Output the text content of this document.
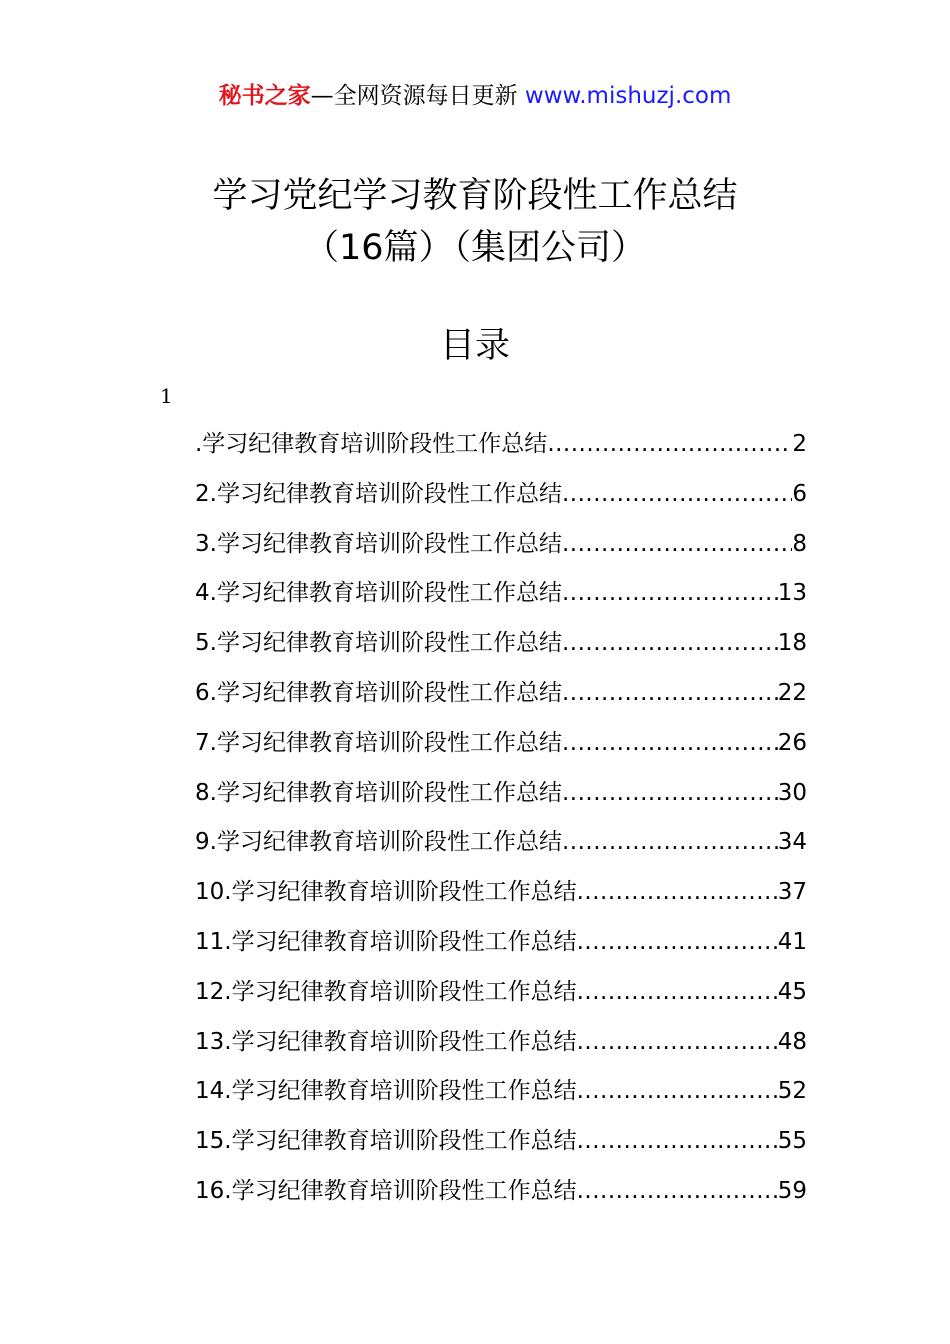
秘书之家—全网资源每日更新 www.mishuzj.com
学习党纪学习教育阶段性工作总结
（16篇）（集团公司）
目录
1
.学习纪律教育培训阶段性工作总结 .....	2
2.学习纪律教育培训阶段性工作总结 .....	6
3.学习纪律教育培训阶段性工作总结 .....	8
4.学习纪律教育培训阶段性工作总结 .....	13
5.学习纪律教育培训阶段性工作总结 .....	18
6.学习纪律教育培训阶段性工作总结 .....	22
7.学习纪律教育培训阶段性工作总结 .....	26
8.学习纪律教育培训阶段性工作总结 .....	30
9.学习纪律教育培训阶段性工作总结 .....	34
10.学习纪律教育培训阶段性工作总结 .....	37
11.学习纪律教育培训阶段性工作总结 .....	41
12.学习纪律教育培训阶段性工作总结 .....	45
13.学习纪律教育培训阶段性工作总结 .....	48
14.学习纪律教育培训阶段性工作总结 .....	52
15.学习纪律教育培训阶段性工作总结 .....	55
16.学习纪律教育培训阶段性工作总结 .....	59
